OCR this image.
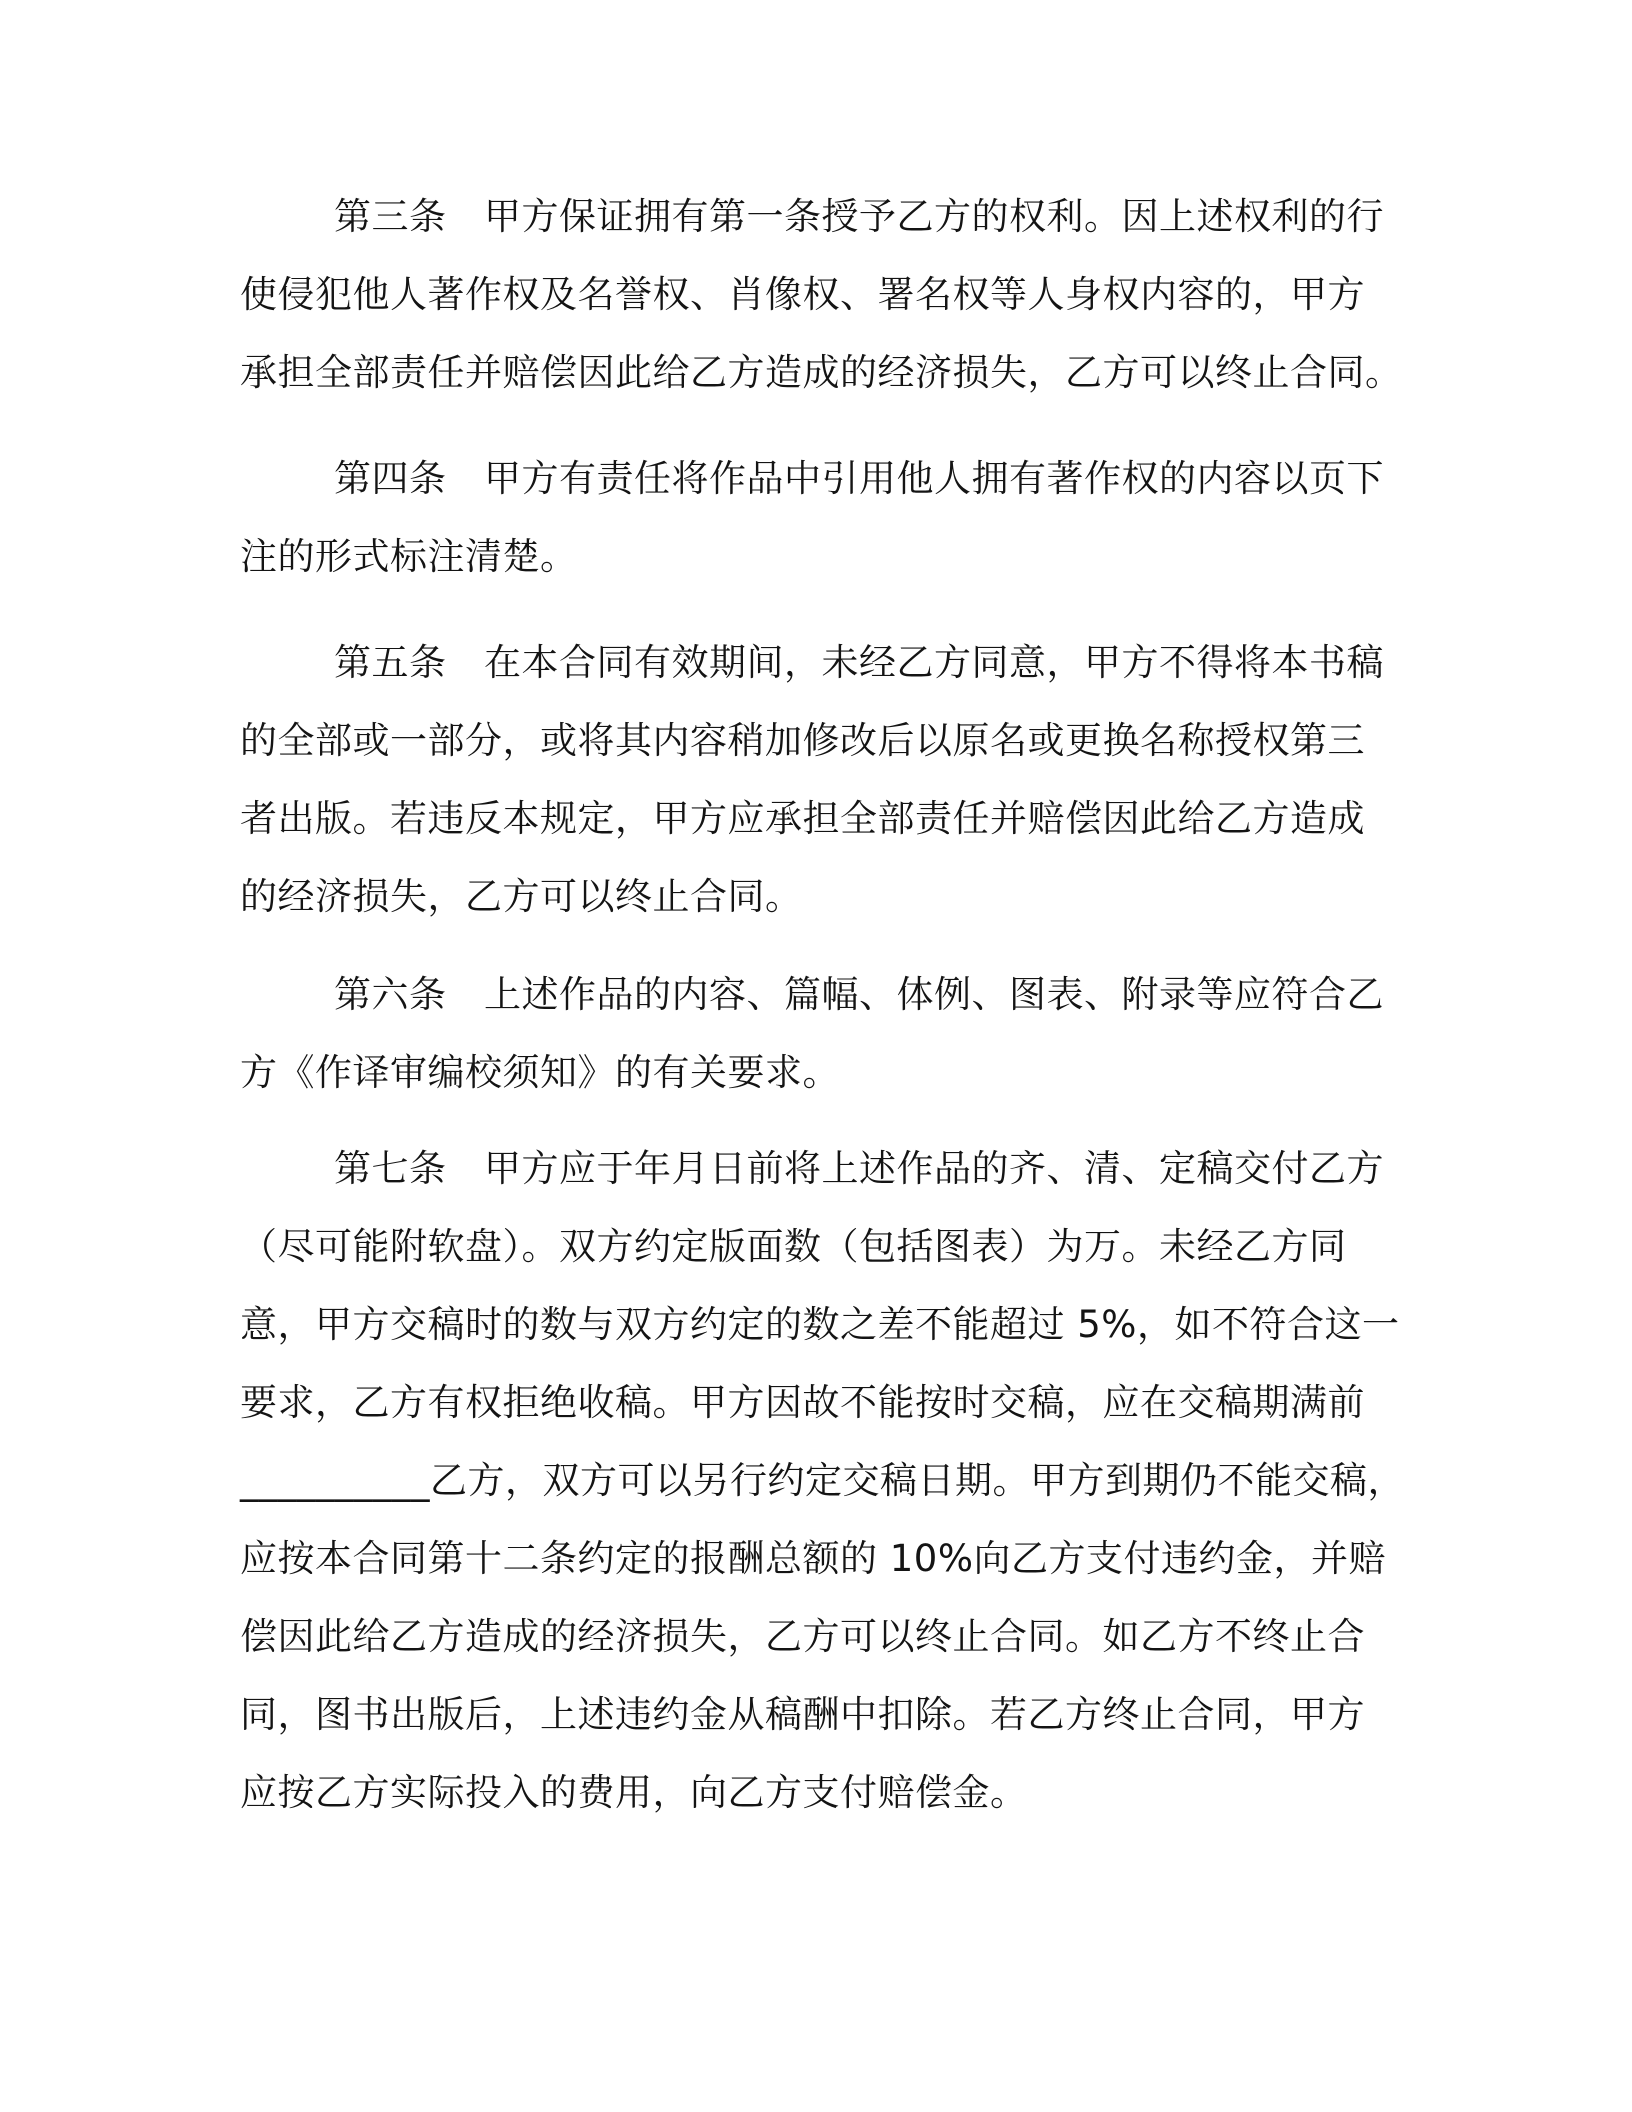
第三条 甲方保证拥有第一条授予乙方的权利。因上述权利的行
使侵犯他人著作权及名誉权、肖像权、署名权等人身权内容的，甲方
承担全部责任并赔偿因此给乙方造成的经济损失，乙方可以终止合同。
第四条 甲方有责任将作品中引用他人拥有著作权的内容以页下
注的形式标注清楚。
第五条 在本合同有效期间，未经乙方同意，甲方不得将本书稿
的全部或一部分，或将其内容稍加修改后以原名或更换名称授权第三
者出版。若违反本规定，甲方应承担全部责任并赔偿因此给乙方造成
的经济损失，乙方可以终止合同。
第六条 上述作品的内容、篇幅、体例、图表、附录等应符合乙
方《作译审编校须知》的有关要求。
第七条 甲方应于年月日前将上述作品的齐、清、定稿交付乙方
（尽可能附软盘）。双方约定版面数（包括图表）为万。未经乙方同
意，甲方交稿时的数与双方约定的数之差不能超过 5%，如不符合这一
要求，乙方有权拒绝收稿。甲方因故不能按时交稿，应在交稿期满前
__________乙方，双方可以另行约定交稿日期。甲方到期仍不能交稿，
应按本合同第十二条约定的报酬总额的 10%向乙方支付违约金，并赔
偿因此给乙方造成的经济损失，乙方可以终止合同。如乙方不终止合
同，图书出版后，上述违约金从稿酬中扣除。若乙方终止合同，甲方
应按乙方实际投入的费用，向乙方支付赔偿金。
